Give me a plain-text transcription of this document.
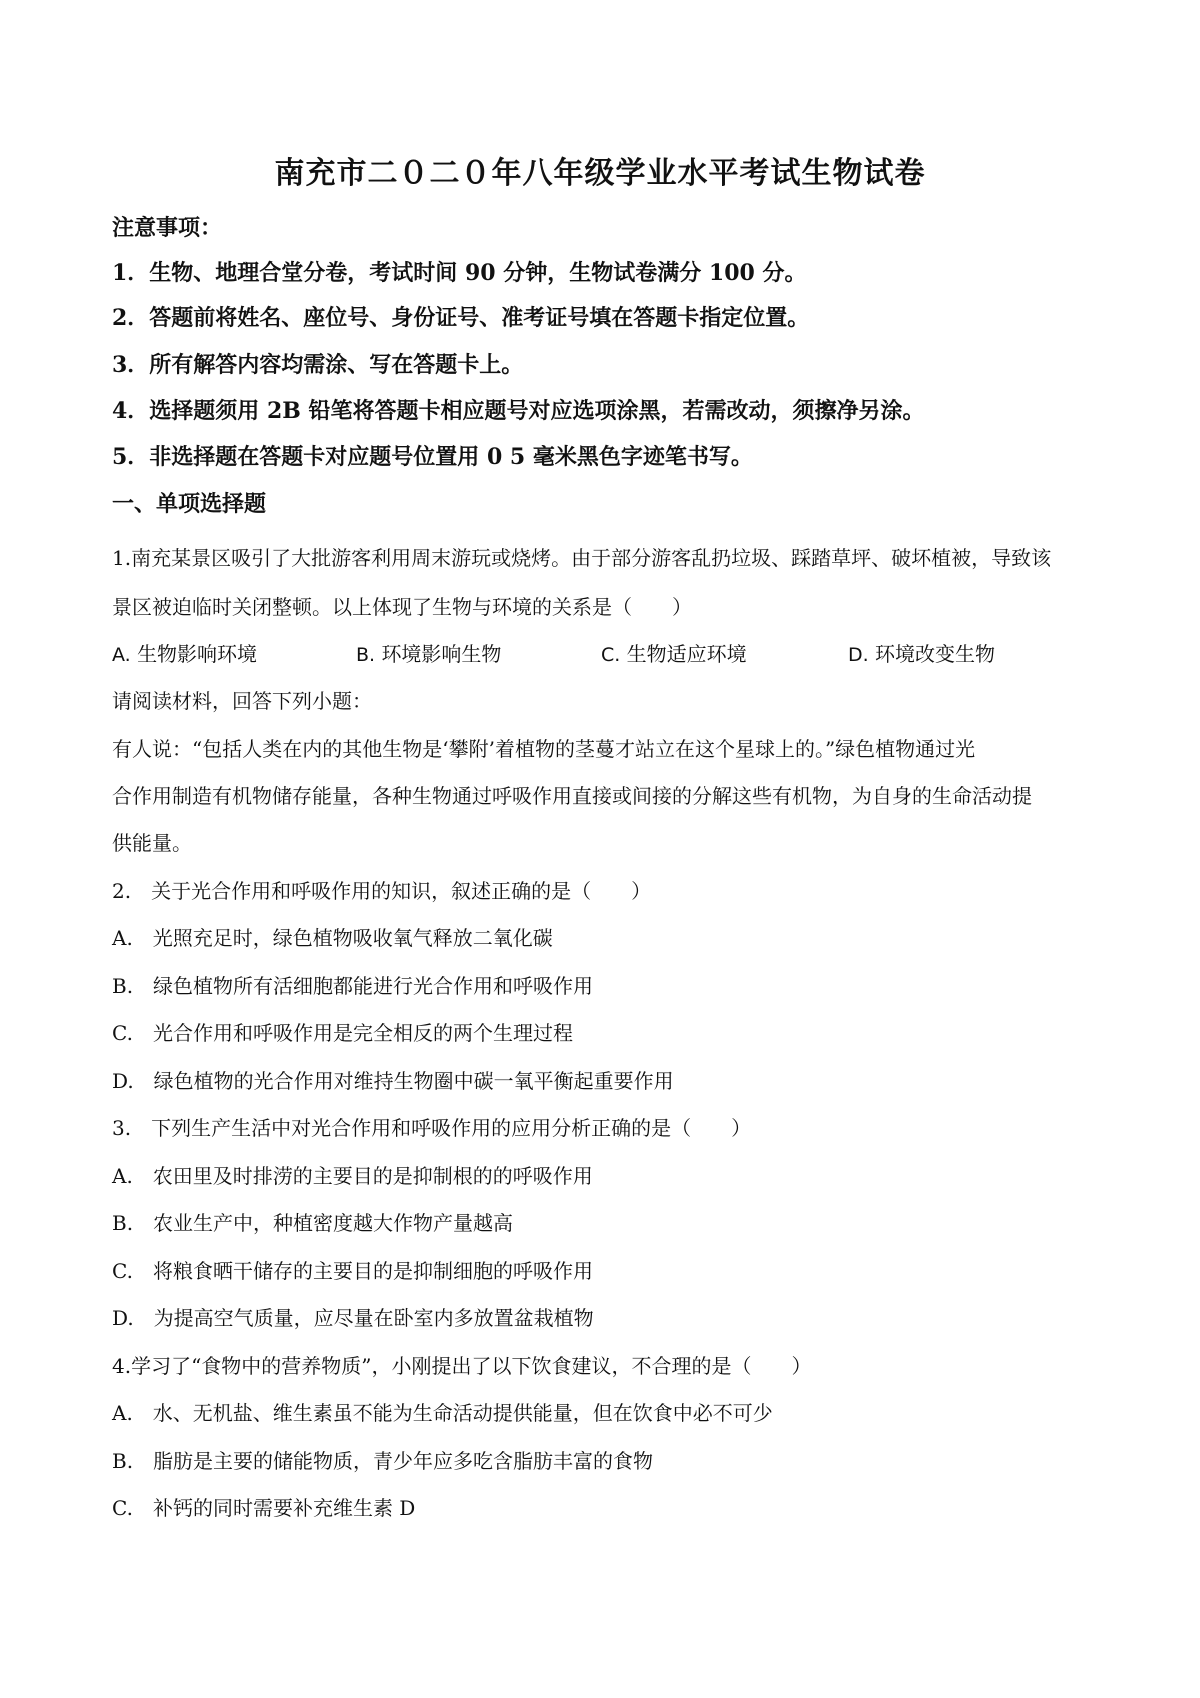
南充市二０二０年八年级学业水平考试生物试卷
注意事项：
1．生物、地理合堂分卷，考试时间 90 分钟，生物试卷满分 100 分。
2．答题前将姓名、座位号、身份证号、准考证号填在答题卡指定位置。
3．所有解答内容均需涂、写在答题卡上。
4．选择题须用 2B 铅笔将答题卡相应题号对应选项涂黑，若需改动，须擦净另涂。
5．非选择题在答题卡对应题号位置用 0 5 毫米黑色字迹笔书写。
一、单项选择题
1.南充某景区吸引了大批游客利用周末游玩或烧烤。由于部分游客乱扔垃圾、踩踏草坪、破坏植被，导致该
景区被迫临时关闭整顿。以上体现了生物与环境的关系是（　　）
A. 生物影响环境	B. 环境影响生物	C. 生物适应环境	D. 环境改变生物
请阅读材料，回答下列小题：
有人说：“包括人类在内的其他生物是‘攀附’着植物的茎蔓才站立在这个星球上的。”绿色植物通过光
合作用制造有机物储存能量，各种生物通过呼吸作用直接或间接的分解这些有机物，为自身的生命活动提
供能量。
2.　关于光合作用和呼吸作用的知识，叙述正确的是（　　）
A.　光照充足时，绿色植物吸收氧气释放二氧化碳
B.　绿色植物所有活细胞都能进行光合作用和呼吸作用
C.　光合作用和呼吸作用是完全相反的两个生理过程
D.　绿色植物的光合作用对维持生物圈中碳一氧平衡起重要作用
3.　下列生产生活中对光合作用和呼吸作用的应用分析正确的是（　　）
A.　农田里及时排涝的主要目的是抑制根的的呼吸作用
B.　农业生产中，种植密度越大作物产量越高
C.　将粮食晒干储存的主要目的是抑制细胞的呼吸作用
D.　为提高空气质量，应尽量在卧室内多放置盆栽植物
4.学习了“食物中的营养物质”，小刚提出了以下饮食建议，不合理的是（　　）
A.　水、无机盐、维生素虽不能为生命活动提供能量，但在饮食中必不可少
B.　脂肪是主要的储能物质，青少年应多吃含脂肪丰富的食物
C.　补钙的同时需要补充维生素 D
